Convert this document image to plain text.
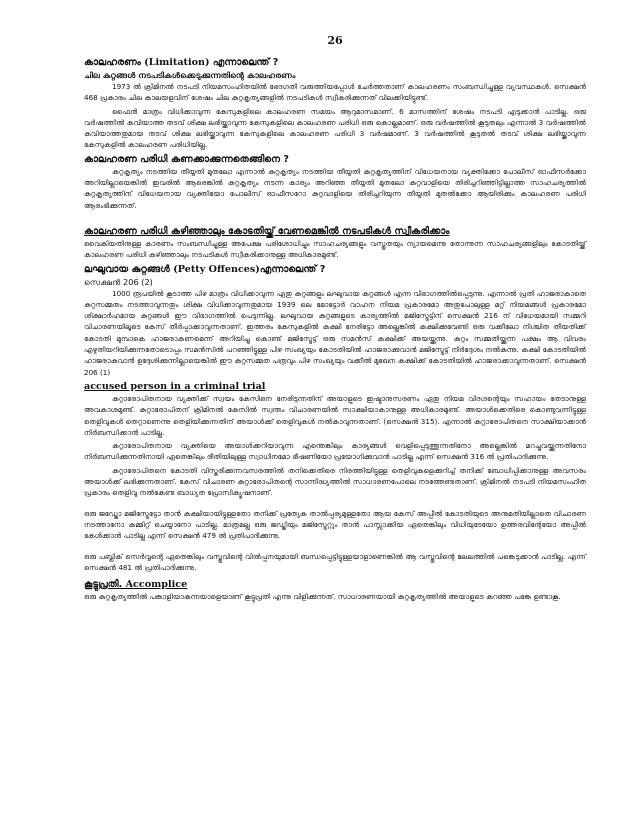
26

കാലഹരണം (Limitation) എന്നാലെന്ത് ?

ചില കുറ്റങ്ങൾ നടപടികൾക്കെടുക്കുന്നതിന്റെ കാലഹരണം

1973 ൽ ക്രിമിനൽ നടപടി നിയമസംഹിതയിൽ ഭേദഗതി വരുത്തിയപ്പോൾ ചേർത്തതാണ് കാലഹരണം സംബന്ധിച്ചുള്ള വ്യവസ്ഥകൾ. സെക്ഷൻ 468 പ്രകാരം ചില കാലയളവിന് ശേഷം ചില കുറ്റകൃത്യങ്ങളിൽ നടപടികൾ സ്വീകരിക്കുന്നത് വിലക്കിയിട്ടുണ്ട്.

ഫൈൻ മാത്രം വിധിക്കാവുന്ന കേസുകളിലെ കാലഹരണ സമയം ആറുമാസമാണ്. 6 മാസത്തിന് ശേഷം നടപടി എടുക്കാൻ പാടില്ല. ഒരു വർഷത്തിൽ കവിയാത്ത തടവ് ശിക്ഷ ലഭിയ്ക്കാവുന്ന കേസുകളിലെ കാലഹരണ പരിധി ഒരു കൊല്ലമാണ്. ഒരു വർഷത്തിൽ കൂടുതലും എന്നാൽ 3 വർഷത്തിൽ കവിയാത്തതുമായ തടവ് ശിക്ഷ ലഭിയ്ക്കാവുന്ന കേസുകളിലെ കാലഹരണ പരിധി 3 വർഷമാണ്. 3 വർഷത്തിൽ കൂടുതൽ തടവ് ശിക്ഷ ലഭിയ്ക്കാവുന്ന കേസുകളിൽ കാലഹരണ പരിധിയില്ല.

കാലഹരണ പരിധി കണക്കാക്കുന്നതെങ്ങിനെ ?

കുറ്റകൃത്യം നടത്തിയ തീയ്യതി മുതലോ എന്നാൽ കുറ്റകൃത്യം നടത്തിയ തീയ്യതി കുറ്റകൃത്യത്തിന് വിധേയനായ വ്യക്തിക്കോ പോലീസ് ഓഫീസർക്കോ അറിയില്ലായെങ്കിൽ ഇവരിൽ ആരെങ്കിൽ കുറ്റകൃത്യം നടന്ന കാര്യം അറിഞ്ഞ തീയ്യതി മുതലോ കുറ്റവാളിയെ തിരിച്ചറിഞ്ഞിട്ടില്ലാത്ത സാഹചര്യത്തിൽ കുറ്റകൃത്യത്തിന് വിധേയനായ വ്യക്തിയോ പോലീസ് ഓഫീസറോ കുറ്റവാളിയെ തിരിച്ചറിയുന്ന തീയ്യതി മുതൽക്കോ ആയിരിക്കും കാലഹരണ പരിധി ആരംഭിക്കുന്നത്.

കാലഹരണ പരിധി കഴിഞ്ഞാലും കോടതിയ്ക്ക് വേണമെങ്കിൽ നടപടികൾ സ്വീകരിക്കാം

വൈകിയതിനുള്ള കാരണം സംബന്ധിച്ചുള്ള അപേക്ഷ പരിശോധിച്ചും സാഹചര്യങ്ങളും വസ്തുതയും ന്യായമെന്നു തോന്നുന്ന സാഹചര്യങ്ങളിലും കോടതിയ്ക്ക് കാലഹരണ പരിധി കഴിഞ്ഞാലും നടപടികൾ സ്വീകരിക്കാനുള്ള അധികാരമുണ്ട്.

ലഘുവായ കുറ്റങ്ങൾ (Petty Offences)എന്നാലെന്ത് ?

സെക്ഷൻ 206 (2)

1000 രൂപയിൽ കൂടാത്ത പിഴ മാത്രം വിധിക്കാവുന്ന ഏതു കുറ്റങ്ങളും ലഘുവായ കുറ്റങ്ങൾ എന്ന വിഭാഗത്തിൽപ്പെടുന്നു. എന്നാൽ പ്രതി ഹാജരാകാതെ കുറ്റസമ്മതം നടത്താവുന്നതും ശിക്ഷ വിധിക്കാവുന്നതുമായ 1939 ലെ മോട്ടോർ വാഹന നിയമ പ്രകാരമോ അതുപോലുള്ള മറ്റ് നിയമങ്ങൾ പ്രകാരമോ ശിക്ഷാർഹമായ കുറ്റങ്ങൾ ഈ വിഭാഗത്തിൽ പെടുന്നില്ല. ലഘുവായ കുറ്റങ്ങളുടെ കാര്യത്തിൽ മജിസ്ട്രേട്ടിന് സെക്ഷൻ 216 ന് വിധേയമായി സമ്മറി വിചാരണയിലൂടെ കേസ് തീർപ്പാക്കാവുന്നതാണ്. ഇത്തരം കേസുകളിൽ കക്ഷി നേരിട്ടോ അല്ലെങ്കിൽ കക്ഷിക്കുവേണ്ടി ഒരു വക്കീലോ നിശ്ചിത തീയതിക്ക് കോടതി മുമ്പാകെ ഹാജരാകണമെന്ന് അറിയിച്ചു കൊണ്ട് മജിസ്ട്രേട്ട് ഒരു സമൻസ് കക്ഷിക്ക് അയയ്ക്കുന്നു. കുറ്റം സമ്മതിയ്ക്കുന്ന പക്ഷം ആ വിവരം എഴുതിയറിയിക്കുന്നതോടൊപ്പം സമൻസിൽ പറഞ്ഞിട്ടുള്ള പിഴ സംഖ്യയും കോടതിയിൽ ഹാജരാക്കുവാൻ മജിസ്ട്രേട്ട് നിർദ്ദേശം നൽകുന്നു. കക്ഷി കോടതിയിൽ ഹാജരാകുവാൻ ഉദ്ദേശിക്കുന്നില്ലായെങ്കിൽ ഈ കുറ്റസമ്മത പത്രവും പിഴ സംഖ്യയും വക്കീൽ മുഖേന കക്ഷിക്ക് കോടതിയിൽ ഹാജരാക്കാവുന്നതാണ്. സെക്ഷൻ 206 (1)

accused person in a criminal trial

കുറ്റാരോപിതനായ വ്യക്തിക്ക് സ്വയം കേസിനെ നേരിടുന്നതിന് അയാളുടെ ഇഷ്ടാനുസരണം ഏതു നിയമ വിദഗ്ദന്റെയും സഹായം തേടാനുള്ള അവകാശമുണ്ട്. കുറ്റാരോപിതന് ക്രിമിനൽ കേസിൽ സ്വന്തം വിചാരണയിൽ സാക്ഷിയാകാനുള്ള അധികാരമുണ്ട്. അയാൾക്കെതിരെ കൊണ്ടുവന്നിട്ടുള്ള തെളിവുകൾ തെറ്റാണെന്നു തെളിയിക്കുന്നതിന് അയാൾക്ക് തെളിവുകൾ നൽകാവുന്നതാണ്. (സെക്ഷൻ 315). എന്നാൽ കുറ്റാരോപിതനെ സാക്ഷിയാക്കാൻ നിർബന്ധിക്കാൻ പാടില്ല.

കുറ്റാരോപിതനായ വ്യക്തിയെ അയാൾക്കറിയാവുന്ന എന്തെങ്കിലും കാര്യങ്ങൾ വെളിപ്പെടുത്തുന്നതിനോ അല്ലെങ്കിൽ മറച്ചുവയ്ക്കുന്നതിനോ നിർബന്ധിക്കുന്നതിനായി ഏതെങ്കിലും രീതിയിലുള്ള സ്വാധീനമോ ഭീഷണിയോ പ്രയോഗിക്കുവാൻ പാടില്ല എന്ന് സെക്ഷൻ 316 ൽ പ്രതിപാദിക്കുന്നു.

കുറ്റാരോപിതനെ കോടതി വിസ്തരിക്കുന്നവസരത്തിൽ തനിക്കെതിരെ നിരത്തിയിട്ടുള്ള തെളിവുകളെക്കുറിച്ച് തനിക്ക് ബോധിപ്പിക്കാനുള്ള അവസരം അയാൾക്ക് ലഭിക്കുന്നതാണ്. കേസ് വിചാരണ കുറ്റാരോപിതന്റെ സാന്നിദ്ധ്യത്തിൽ സാധാരണപോലെ നടത്തേണ്ടതാണ്. ക്രിമിനൽ നടപടി നിയമസംഹിത പ്രകാരം തെളിവു നൽകേണ്ട ബാധ്യത പ്രോസിക്യൂഷനാണ്.

ഒരു ജഡ്ജോ മജിസ്ട്രേട്ടോ താൻ കക്ഷിയായിട്ടുള്ളതോ തനിക്ക് പ്രത്യേക താൽപ്പര്യമുള്ളതോ ആയ കേസ് അപ്പീൽ കോടതിയുടെ അനുമതിയില്ലാതെ വിചാരണ നടത്താനോ കമ്മിറ്റ് ചെയ്യാനോ പാടില്ല. മാത്രമല്ല ഒരു ജഡ്ജിയും മജിസ്ട്രേറ്റും താൻ പാസ്സാക്കിയ ഏതെങ്കിലും വിധിയുടേയോ ഉത്തരവിന്റേയോ അപ്പീൽ കേൾക്കാൻ പാടില്ല എന്ന് സെക്ഷൻ 479 ൽ പ്രതിപാദിക്കുന്നു.

ഒരു പബ്ലിക് സെർവ്വന്റെ ഏതെങ്കിലും വസ്തുവിന്റെ വിൽപ്പനയുമായി ബന്ധപ്പെട്ടിട്ടുള്ളയാളാണെങ്കിൽ ആ വസ്തുവിന്റെ ലേലത്തിൽ പങ്കെടുക്കാൻ പാടില്ല. എന്ന് സെക്ഷൻ 481 ൽ പ്രതിപാദിക്കുന്നു.

കൂട്ടുപ്രതി. Accomplice

ഒരു കുറ്റകൃത്യത്തിൽ പങ്കാളിയാകുന്നയാളെയാണ് കൂട്ടുപ്രതി എന്നു വിളിക്കുന്നത്. സാധാരണയായി കുറ്റകൃത്യത്തിൽ അയാളുടെ കുറഞ്ഞ പങ്കേ ഉണ്ടാകൂ.
